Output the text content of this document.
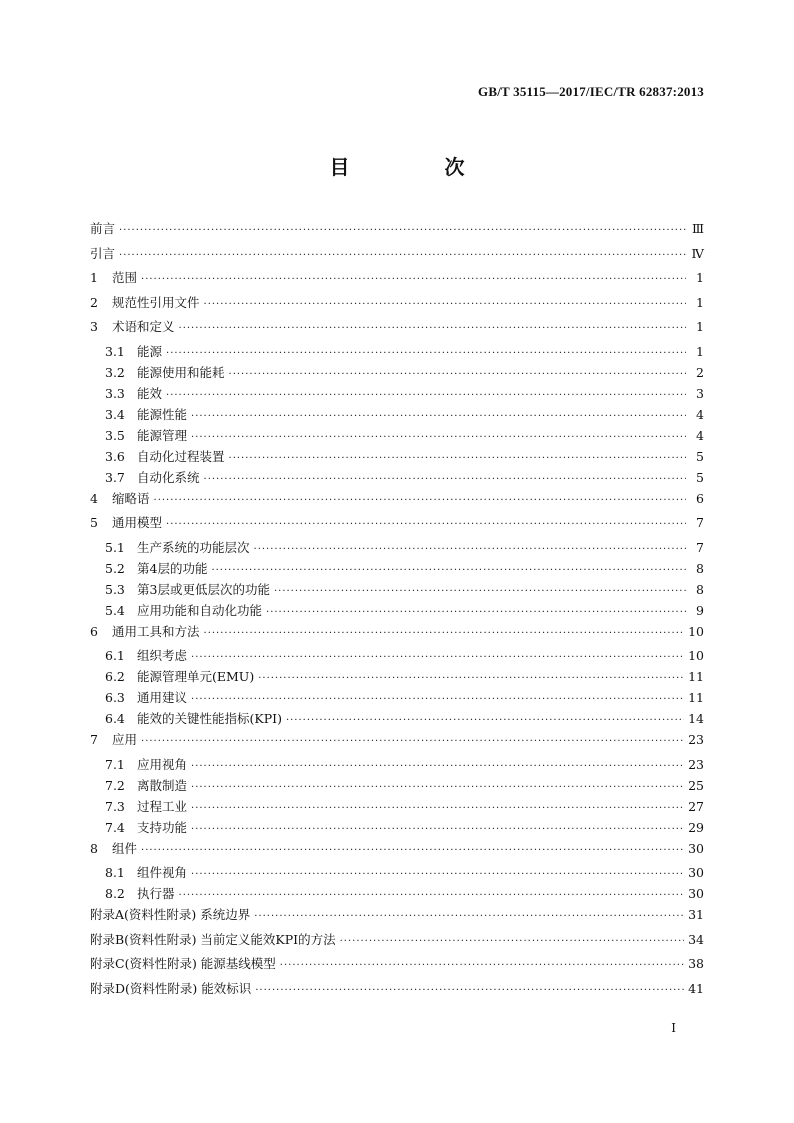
GB/T 35115—2017/IEC/TR 62837:2013
目 次
前言 ·····	Ⅲ
引言 ·····	Ⅳ
1 范围 ·····	1
2 规范性引用文件 ·····	1
3 术语和定义 ·····	1
3.1 能源 ·····	1
3.2 能源使用和能耗 ·····	2
3.3 能效 ·····	3
3.4 能源性能 ·····	4
3.5 能源管理 ·····	4
3.6 自动化过程装置 ·····	5
3.7 自动化系统 ·····	5
4 缩略语 ·····	6
5 通用模型 ·····	7
5.1 生产系统的功能层次 ·····	7
5.2 第4层的功能 ·····	8
5.3 第3层或更低层次的功能 ·····	8
5.4 应用功能和自动化功能 ·····	9
6 通用工具和方法 ·····	10
6.1 组织考虑 ·····	10
6.2 能源管理单元(EMU) ·····	11
6.3 通用建议 ·····	11
6.4 能效的关键性能指标(KPI) ·····	14
7 应用 ·····	23
7.1 应用视角 ·····	23
7.2 离散制造 ·····	25
7.3 过程工业 ·····	27
7.4 支持功能 ·····	29
8 组件 ·····	30
8.1 组件视角 ·····	30
8.2 执行器 ·····	30
附录A(资料性附录) 系统边界 ·····	31
附录B(资料性附录) 当前定义能效KPI的方法 ·····	34
附录C(资料性附录) 能源基线模型 ·····	38
附录D(资料性附录) 能效标识 ·····	41
I
